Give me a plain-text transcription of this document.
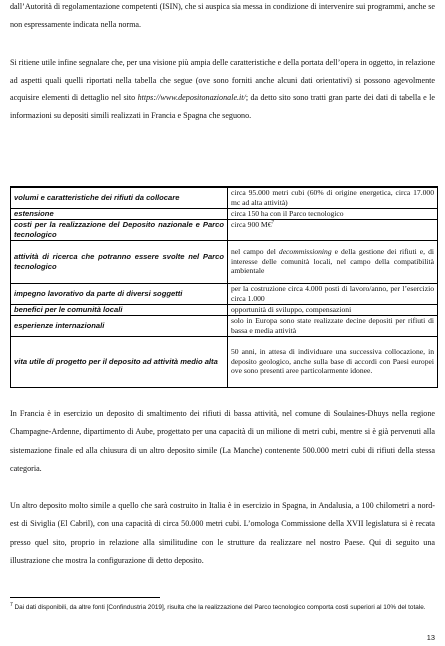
dall’Autorità di regolamentazione competenti (ISIN), che si auspica sia messa in condizione di intervenire sui programmi, anche se non espressamente indicata nella norma.
Si ritiene utile infine segnalare che, per una visione più ampia delle caratteristiche e della portata dell’opera in oggetto, in relazione ad aspetti quali quelli riportati nella tabella che segue (ove sono forniti anche alcuni dati orientativi) si possono agevolmente acquisire elementi di dettaglio nel sito https://www.depositonazionale.it/; da detto sito sono tratti gran parte dei dati di tabella e le informazioni su depositi simili realizzati in Francia e Spagna che seguono.
volumi e caratteristiche dei rifiuti da collocare	circa 95.000 metri cubi (60% di origine energetica, circa 17.000 mc ad alta attività)
estensione	circa 150 ha con il Parco tecnologico
costi per la realizzazione del Deposito nazionale e Parco tecnologico	circa 900 M€$^7$
attività di ricerca che potranno essere svolte nel Parco tecnologico	nel campo del decommissioning e della gestione dei rifiuti e, di interesse delle comunità locali, nel campo della compatibilità ambientale
impegno lavorativo da parte di diversi soggetti	per la costruzione circa 4.000 posti di lavoro/anno, per l’esercizio circa 1.000
benefici per le comunità locali	opportunità di sviluppo, compensazioni
esperienze internazionali	solo in Europa sono state realizzate decine depositi per rifiuti di bassa e media attività
vita utile di progetto per il deposito ad attività medio alta	50 anni, in attesa di individuare una successiva collocazione, in deposito geologico, anche sulla base di accordi con Paesi europei ove sono presenti aree particolarmente idonee.
In Francia è in esercizio un deposito di smaltimento dei rifiuti di bassa attività, nel comune di Soulaines-Dhuys nella regione Champagne-Ardenne, dipartimento di Aube, progettato per una capacità di un milione di metri cubi, mentre si è già pervenuti alla sistemazione finale ed alla chiusura di un altro deposito simile (La Manche) contenente 500.000 metri cubi di rifiuti della stessa categoria.
Un altro deposito molto simile a quello che sarà costruito in Italia è in esercizio in Spagna, in Andalusia, a 100 chilometri a nord-est di Siviglia (El Cabril), con una capacità di circa 50.000 metri cubi. L’omologa Commissione della XVII legislatura si è recata presso quel sito, proprio in relazione alla similitudine con le strutture da realizzare nel nostro Paese. Qui di seguito una illustrazione che mostra la configurazione di detto deposito.
$^7$ Dai dati disponibili, da altre fonti [Confindustria 2019], risulta che la realizzazione del Parco tecnologico comporta costi superiori al 10% del totale.
13
